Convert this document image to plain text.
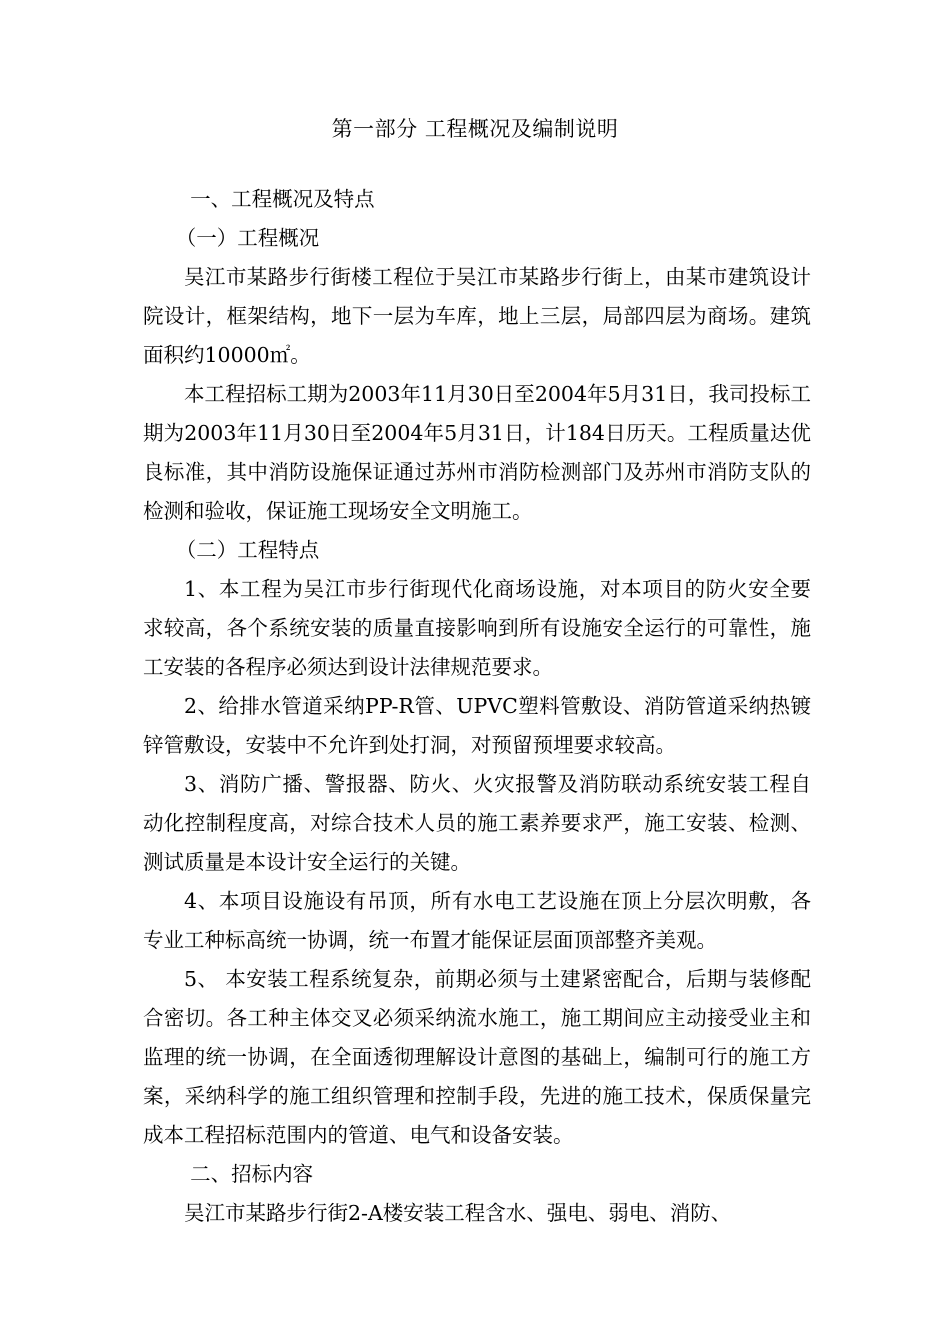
第一部分 工程概况及编制说明

一、工程概况及特点

（一）工程概况

吴江市某路步行街楼工程位于吴江市某路步行街上，由某市建筑设计院设计，框架结构，地下一层为车库，地上三层，局部四层为商场。建筑面积约10000㎡。

本工程招标工期为2003年11月30日至2004年5月31日，我司投标工期为2003年11月30日至2004年5月31日，计184日历天。工程质量达优良标准，其中消防设施保证通过苏州市消防检测部门及苏州市消防支队的检测和验收，保证施工现场安全文明施工。

（二）工程特点

1、本工程为吴江市步行街现代化商场设施，对本项目的防火安全要求较高，各个系统安装的质量直接影响到所有设施安全运行的可靠性，施工安装的各程序必须达到设计法律规范要求。

2、给排水管道采纳PP-R管、UPVC塑料管敷设、消防管道采纳热镀锌管敷设，安装中不允许到处打洞，对预留预埋要求较高。

3、消防广播、警报器、防火、火灾报警及消防联动系统安装工程自动化控制程度高，对综合技术人员的施工素养要求严，施工安装、检测、测试质量是本设计安全运行的关键。

4、本项目设施设有吊顶，所有水电工艺设施在顶上分层次明敷，各专业工种标高统一协调，统一布置才能保证层面顶部整齐美观。

5、 本安装工程系统复杂，前期必须与土建紧密配合，后期与装修配合密切。各工种主体交叉必须采纳流水施工，施工期间应主动接受业主和监理的统一协调，在全面透彻理解设计意图的基础上，编制可行的施工方案，采纳科学的施工组织管理和控制手段，先进的施工技术，保质保量完成本工程招标范围内的管道、电气和设备安装。

二、招标内容

吴江市某路步行街2-A楼安装工程含水、强电、弱电、消防、
